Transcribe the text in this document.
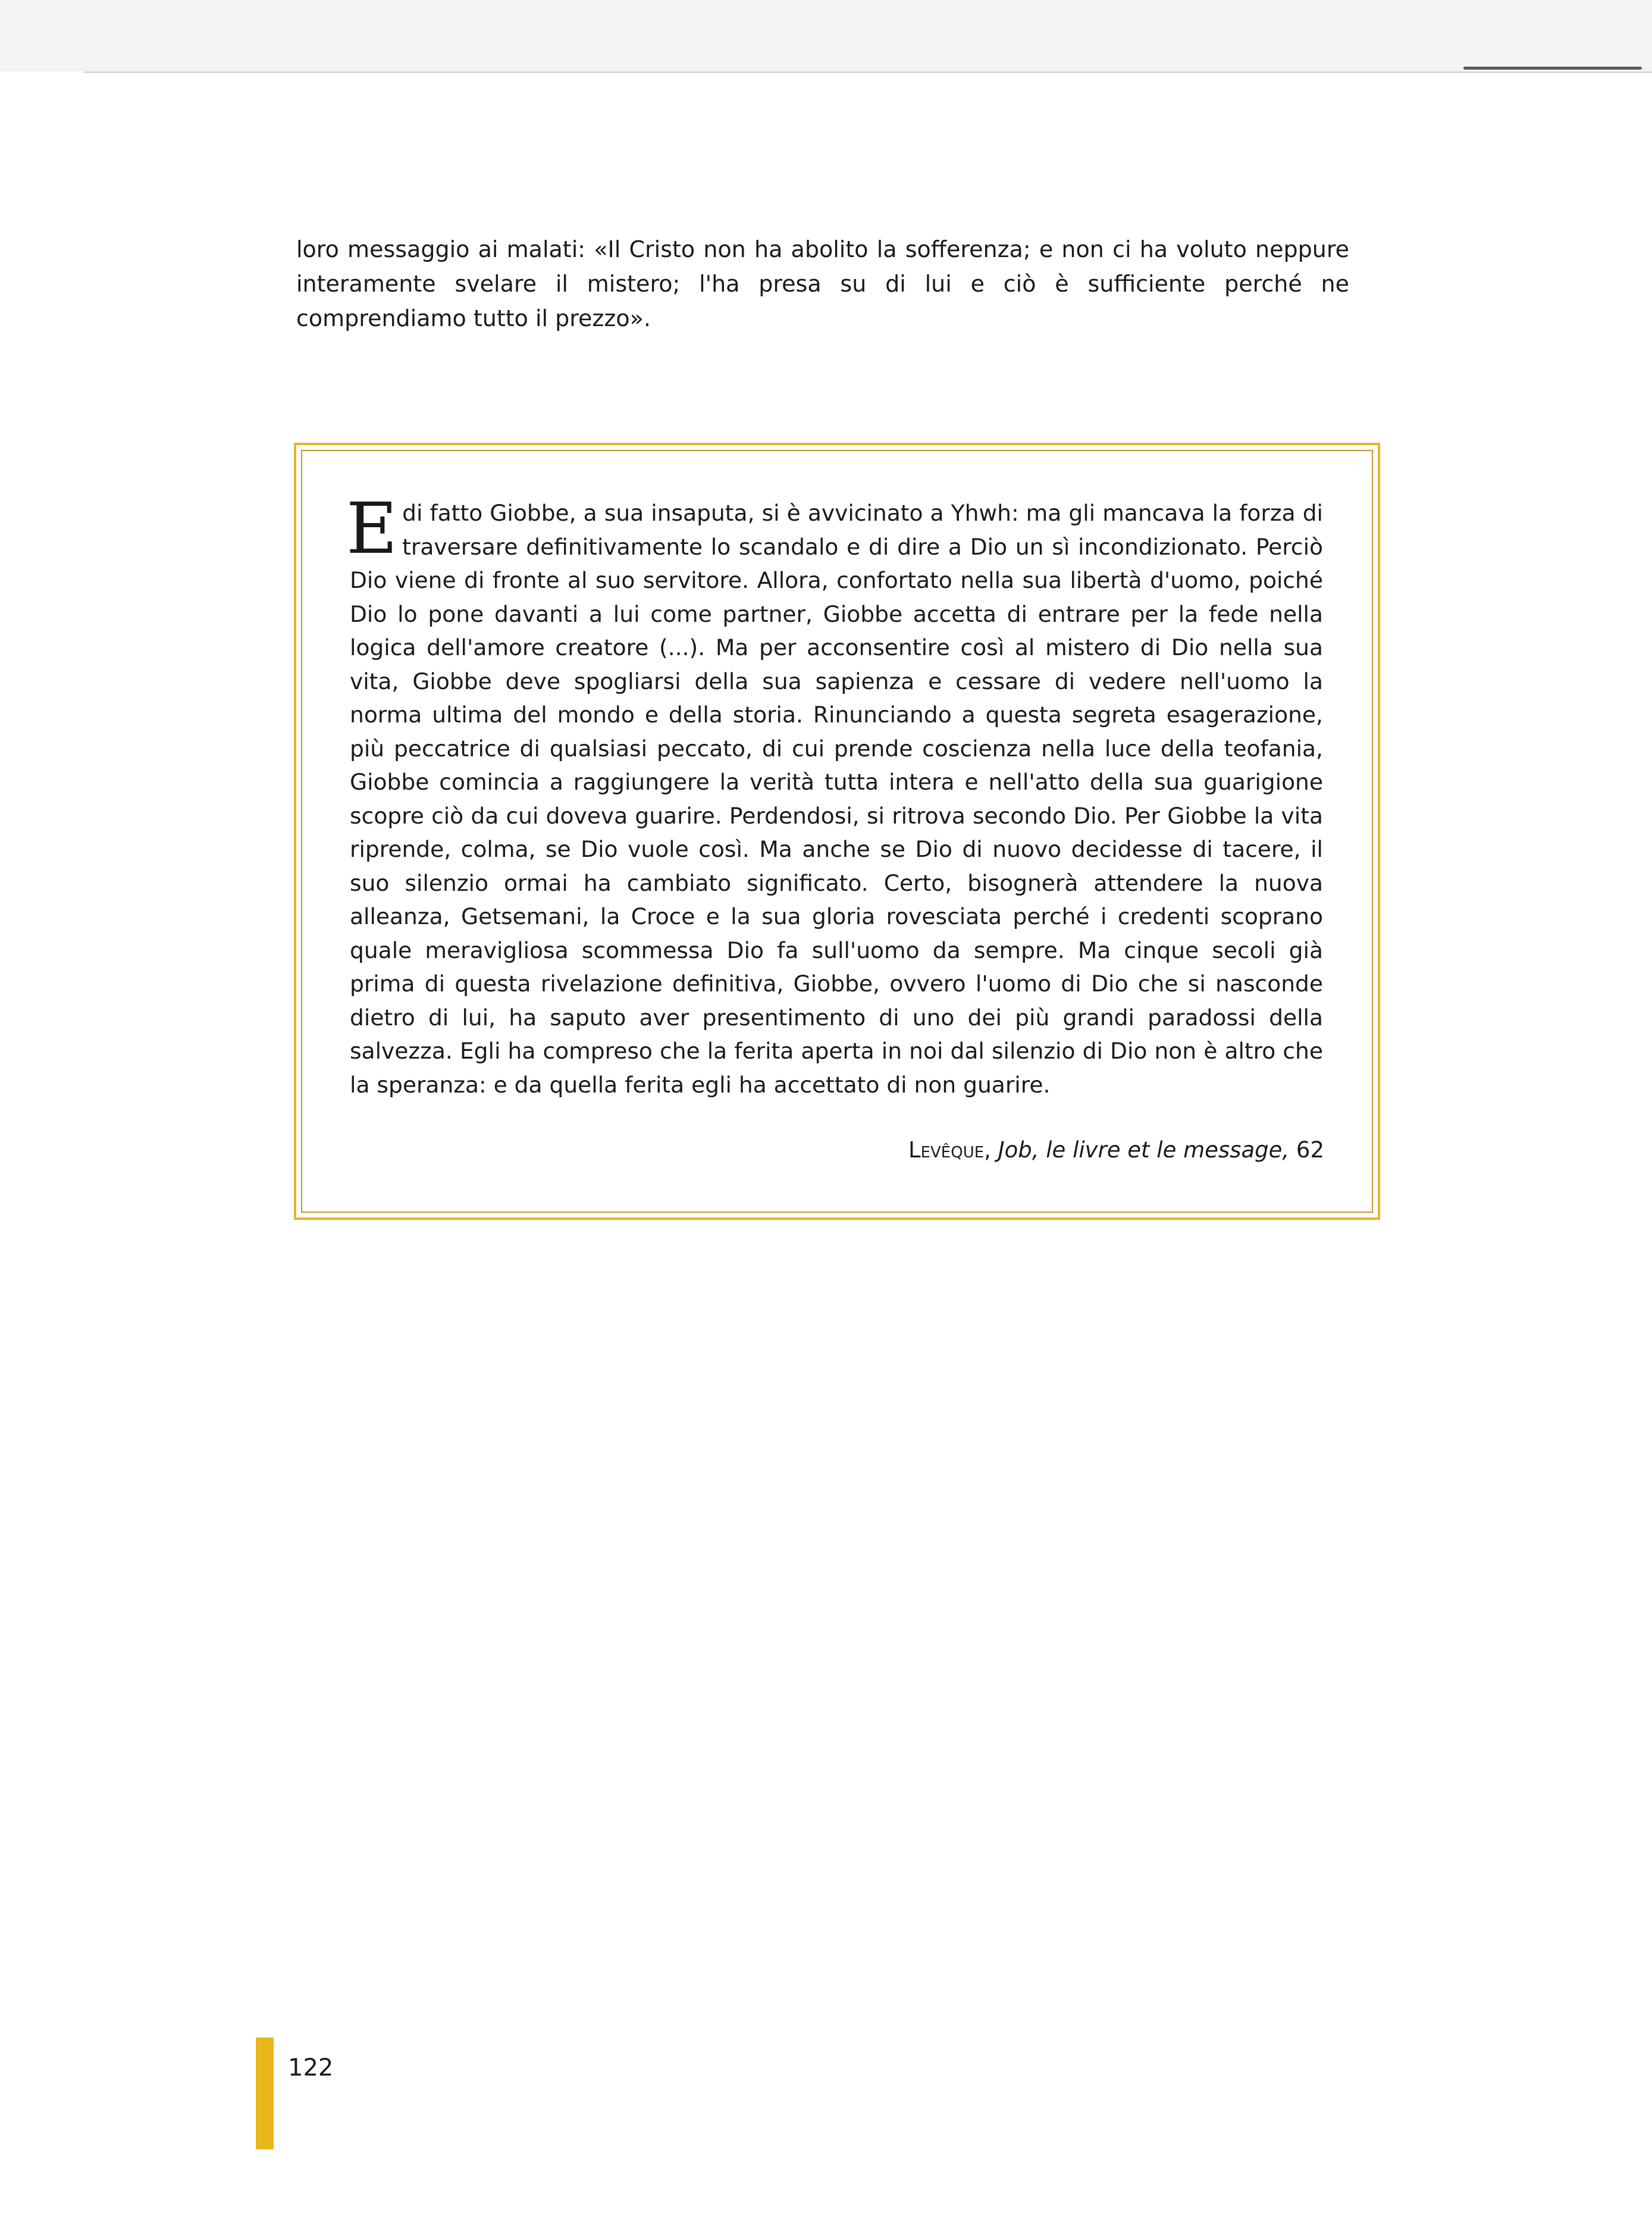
loro messaggio ai malati: «Il Cristo non ha abolito la sofferenza; e non ci ha voluto neppure interamente svelare il mistero; l'ha presa su di lui e ciò è sufficiente perché ne comprendiamo tutto il prezzo».

Edi fatto Giobbe, a sua insaputa, si è avvicinato a Yhwh: ma gli mancava la forza di traversare definitivamente lo scandalo e di dire a Dio un sì incondizionato. Perciò Dio viene di fronte al suo servitore. Allora, confortato nella sua libertà d'uomo, poiché Dio lo pone davanti a lui come partner, Giobbe accetta di entrare per la fede nella logica dell'amore creatore (...). Ma per acconsentire così al mistero di Dio nella sua vita, Giobbe deve spogliarsi della sua sapienza e cessare di vedere nell'uomo la norma ultima del mondo e della storia. Rinunciando a questa segreta esagerazione, più peccatrice di qualsiasi peccato, di cui prende coscienza nella luce della teofania, Giobbe comincia a raggiungere la verità tutta intera e nell'atto della sua guarigione scopre ciò da cui doveva guarire. Perdendosi, si ritrova secondo Dio. Per Giobbe la vita riprende, colma, se Dio vuole così. Ma anche se Dio di nuovo decidesse di tacere, il suo silenzio ormai ha cambiato significato. Certo, bisognerà attendere la nuova alleanza, Getsemani, la Croce e la sua gloria rovesciata perché i credenti scoprano quale meravigliosa scommessa Dio fa sull'uomo da sempre. Ma cinque secoli già prima di questa rivelazione definitiva, Giobbe, ovvero l'uomo di Dio che si nasconde dietro di lui, ha saputo aver presentimento di uno dei più grandi paradossi della salvezza. Egli ha compreso che la ferita aperta in noi dal silenzio di Dio non è altro che la speranza: e da quella ferita egli ha accettato di non guarire.

Levêque, Job, le livre et le message, 62
122
